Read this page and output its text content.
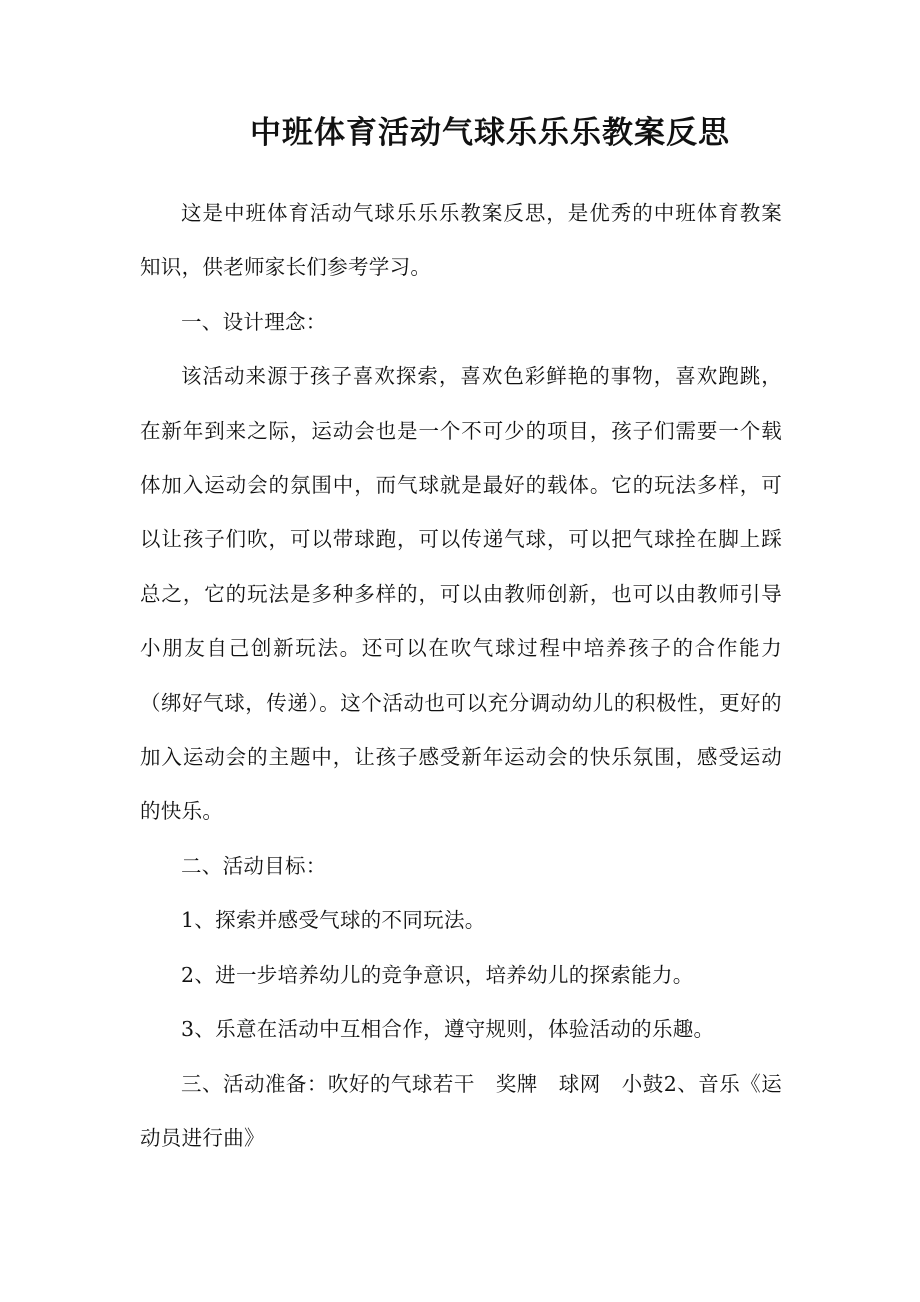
中班体育活动气球乐乐乐教案反思

这是中班体育活动气球乐乐乐教案反思，是优秀的中班体育教案知识，供老师家长们参考学习。

一、设计理念：

该活动来源于孩子喜欢探索，喜欢色彩鲜艳的事物，喜欢跑跳，在新年到来之际，运动会也是一个不可少的项目，孩子们需要一个载体加入运动会的氛围中，而气球就是最好的载体。它的玩法多样，可以让孩子们吹，可以带球跑，可以传递气球，可以把气球拴在脚上踩总之，它的玩法是多种多样的，可以由教师创新，也可以由教师引导小朋友自己创新玩法。还可以在吹气球过程中培养孩子的合作能力（绑好气球，传递）。这个活动也可以充分调动幼儿的积极性，更好的加入运动会的主题中，让孩子感受新年运动会的快乐氛围，感受运动的快乐。

二、活动目标：

1、探索并感受气球的不同玩法。

2、进一步培养幼儿的竞争意识，培养幼儿的探索能力。

3、乐意在活动中互相合作，遵守规则，体验活动的乐趣。

三、活动准备：吹好的气球若干　奖牌　球网　小鼓2、音乐《运动员进行曲》
